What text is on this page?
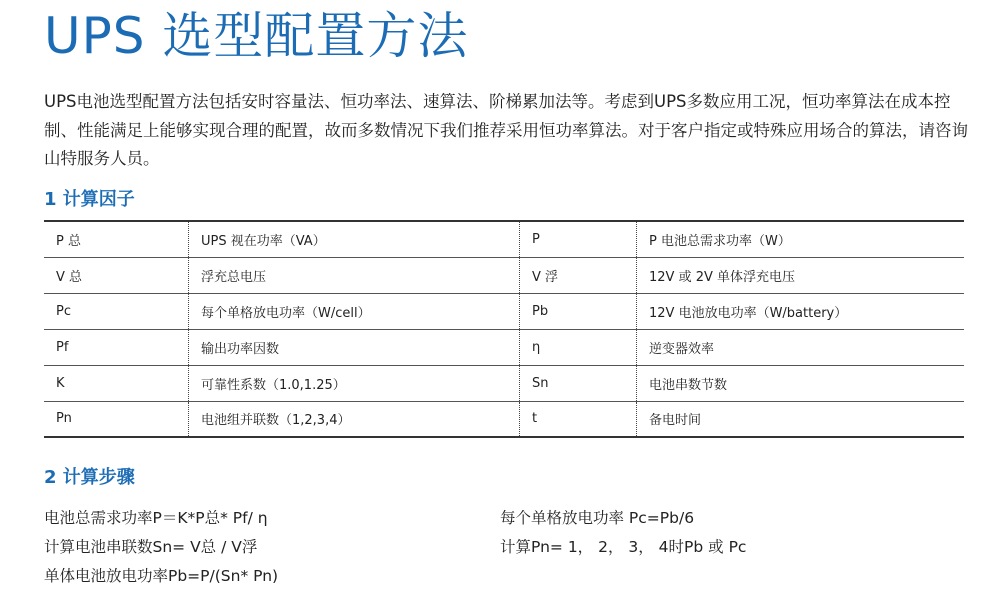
UPS 选型配置方法

UPS电池选型配置方法包括安时容量法、恒功率法、速算法、阶梯累加法等。考虑到UPS多数应用工况，恒功率算法在成本控制、性能满足上能够实现合理的配置，故而多数情况下我们推荐采用恒功率算法。对于客户指定或特殊应用场合的算法，请咨询山特服务人员。

1 计算因子
P 总	UPS 视在功率（VA）	P	P 电池总需求功率（W）
V 总	浮充总电压	V 浮	12V 或 2V 单体浮充电压
Pc	每个单格放电功率（W/cell）	Pb	12V 电池放电功率（W/battery）
Pf	输出功率因数	η	逆变器效率
K	可靠性系数（1.0,1.25）	Sn	电池串数节数
Pn	电池组并联数（1,2,3,4）	t	备电时间
2 计算步骤
电池总需求功率P＝K*P总* Pf/ η
计算电池串联数Sn= V总 / V浮
单体电池放电功率Pb=P/(Sn* Pn)
每个单格放电功率 Pc=Pb/6
计算Pn= 1， 2， 3， 4时Pb 或 Pc
